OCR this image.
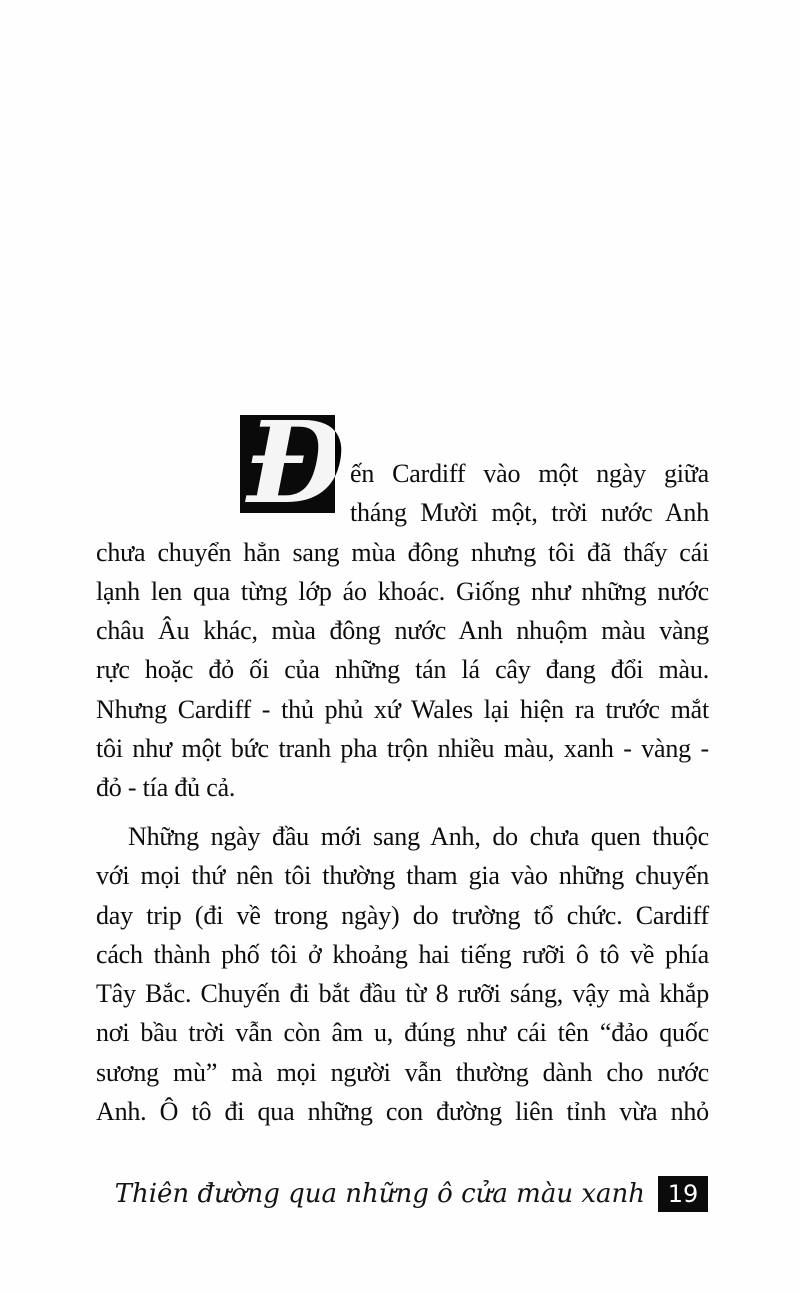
Đ ến Cardiff vào một ngày giữa
tháng Mười một, trời nước Anh
chưa chuyển hẳn sang mùa đông nhưng tôi đã thấy cái
lạnh len qua từng lớp áo khoác. Giống như những nước
châu Âu khác, mùa đông nước Anh nhuộm màu vàng
rực hoặc đỏ ối của những tán lá cây đang đổi màu.
Nhưng Cardiff - thủ phủ xứ Wales lại hiện ra trước mắt
tôi như một bức tranh pha trộn nhiều màu, xanh - vàng -
đỏ - tía đủ cả.
Những ngày đầu mới sang Anh, do chưa quen thuộc
với mọi thứ nên tôi thường tham gia vào những chuyến
day trip (đi về trong ngày) do trường tổ chức. Cardiff
cách thành phố tôi ở khoảng hai tiếng rưỡi ô tô về phía
Tây Bắc. Chuyến đi bắt đầu từ 8 rưỡi sáng, vậy mà khắp
nơi bầu trời vẫn còn âm u, đúng như cái tên “đảo quốc
sương mù” mà mọi người vẫn thường dành cho nước
Anh. Ô tô đi qua những con đường liên tỉnh vừa nhỏ
Thiên đường qua những ô cửa màu xanh 19
